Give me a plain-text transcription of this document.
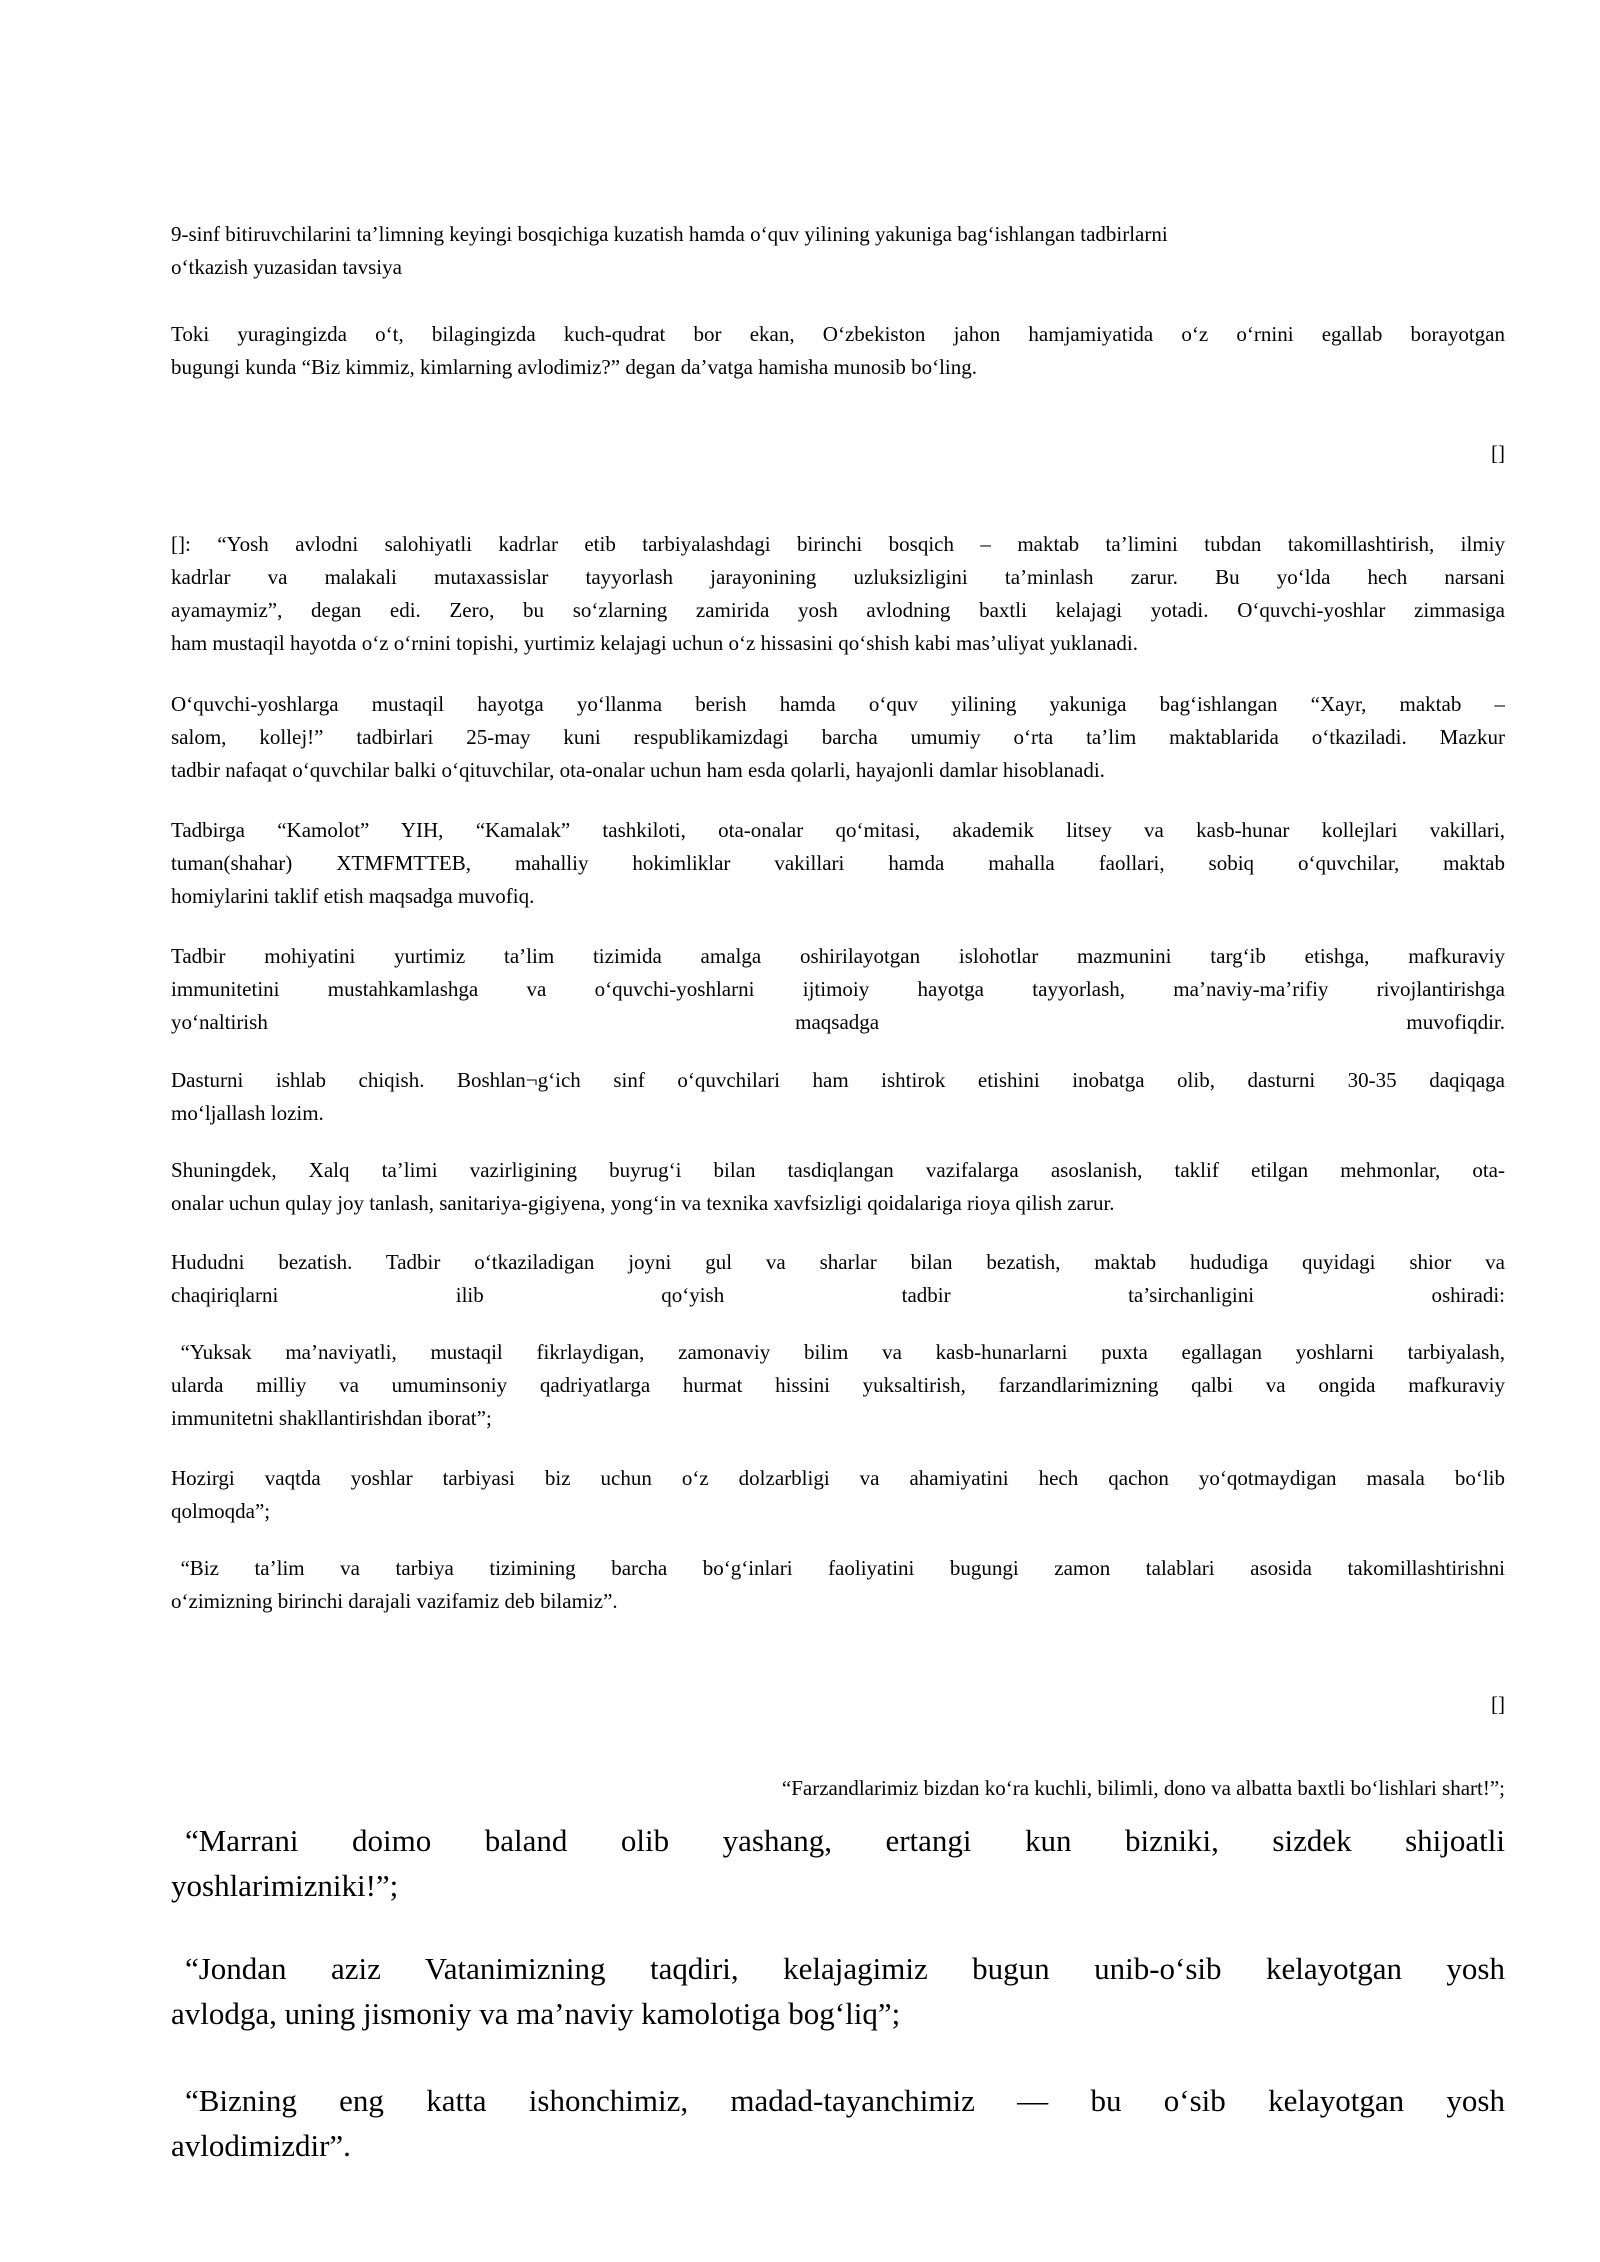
9-sinf bitiruvchilarini ta’limning keyingi bosqichiga kuzatish hamda o‘quv yilining yakuniga bag‘ishlangan tadbirlarni
o‘tkazish yuzasidan tavsiya
Toki yuragingizda o‘t, bilagingizda kuch-qudrat bor ekan, O‘zbekiston jahon hamjamiyatida o‘z o‘rnini egallab borayotgan
bugungi kunda “Biz kimmiz, kimlarning avlodimiz?” degan da’vatga hamisha munosib bo‘ling.
[]
[]: “Yosh avlodni salohiyatli kadrlar etib tarbiyalashdagi birinchi bosqich – maktab ta’limini tubdan takomillashtirish, ilmiy
kadrlar va malakali mutaxassislar tayyorlash jarayonining uzluksizligini ta’minlash zarur. Bu yo‘lda hech narsani
ayamaymiz”, degan edi. Zero, bu so‘zlarning zamirida yosh avlodning baxtli kelajagi yotadi. O‘quvchi-yoshlar zimmasiga
ham mustaqil hayotda o‘z o‘rnini topishi, yurtimiz kelajagi uchun o‘z hissasini qo‘shish kabi mas’uliyat yuklanadi.
O‘quvchi-yoshlarga mustaqil hayotga yo‘llanma berish hamda o‘quv yilining yakuniga bag‘ishlangan “Xayr, maktab –
salom, kollej!” tadbirlari 25-may kuni respublikamizdagi barcha umumiy o‘rta ta’lim maktablarida o‘tkaziladi. Mazkur
tadbir nafaqat o‘quvchilar balki o‘qituvchilar, ota-onalar uchun ham esda qolarli, hayajonli damlar hisoblanadi.
Tadbirga “Kamolot” YIH, “Kamalak” tashkiloti, ota-onalar qo‘mitasi, akademik litsey va kasb-hunar kollejlari vakillari,
tuman(shahar) XTMFMTTEB, mahalliy hokimliklar vakillari hamda mahalla faollari, sobiq o‘quvchilar, maktab
homiylarini taklif etish maqsadga muvofiq.
Tadbir mohiyatini yurtimiz ta’lim tizimida amalga oshirilayotgan islohotlar mazmunini targ‘ib etishga, mafkuraviy
immunitetini mustahkamlashga va o‘quvchi-yoshlarni ijtimoiy hayotga tayyorlash, ma’naviy-ma’rifiy rivojlantirishga
yo‘naltirish maqsadga muvofiqdir.
Dasturni ishlab chiqish. Boshlan¬g‘ich sinf o‘quvchilari ham ishtirok etishini inobatga olib, dasturni 30-35 daqiqaga
mo‘ljallash lozim.
Shuningdek, Xalq ta’limi vazirligining buyrug‘i bilan tasdiqlangan vazifalarga asoslanish, taklif etilgan mehmonlar, ota-
onalar uchun qulay joy tanlash, sanitariya-gigiyena, yong‘in va texnika xavfsizligi qoidalariga rioya qilish zarur.
Hududni bezatish. Tadbir o‘tkaziladigan joyni gul va sharlar bilan bezatish, maktab hududiga quyidagi shior va
chaqiriqlarni ilib qo‘yish tadbir ta’sirchanligini oshiradi:
“Yuksak ma’naviyatli, mustaqil fikrlaydigan, zamonaviy bilim va kasb-hunarlarni puxta egallagan yoshlarni tarbiyalash,
ularda milliy va umuminsoniy qadriyatlarga hurmat hissini yuksaltirish, farzandlarimizning qalbi va ongida mafkuraviy
immunitetni shakllantirishdan iborat”;
Hozirgi vaqtda yoshlar tarbiyasi biz uchun o‘z dolzarbligi va ahamiyatini hech qachon yo‘qotmaydigan masala bo‘lib
qolmoqda”;
“Biz ta’lim va tarbiya tizimining barcha bo‘g‘inlari faoliyatini bugungi zamon talablari asosida takomillashtirishni
o‘zimizning birinchi darajali vazifamiz deb bilamiz”.
[]
“Farzandlarimiz bizdan ko‘ra kuchli, bilimli, dono va albatta baxtli bo‘lishlari shart!”;
“Marrani doimo baland olib yashang, ertangi kun bizniki, sizdek shijoatli
yoshlarimizniki!”;
“Jondan aziz Vatanimizning taqdiri, kelajagimiz bugun unib-o‘sib kelayotgan yosh
avlodga, uning jismoniy va ma’naviy kamolotiga bog‘liq”;
“Bizning eng katta ishonchimiz, madad-tayanchimiz — bu o‘sib kelayotgan yosh
avlodimizdir”.
